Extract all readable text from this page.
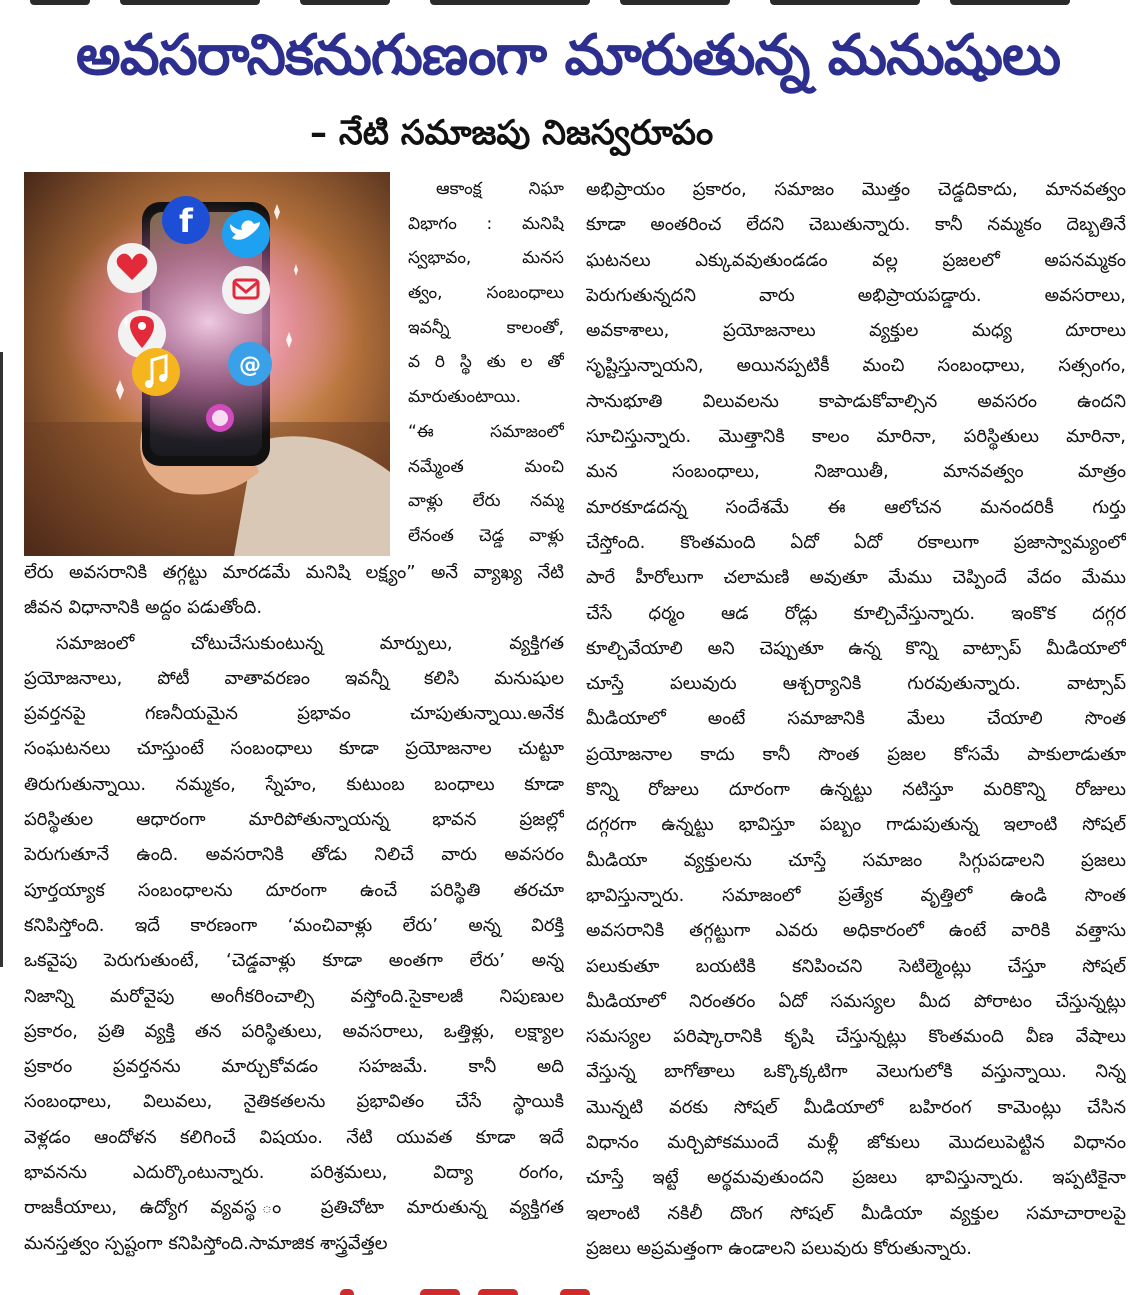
అవసరానికనుగుణంగా మారుతున్న మనుషులు
– నేటి సమాజపు నిజస్వరూపం
f
@
ఆకాంక్ష నిఘా
విభాగం : మనిషి
స్వభావం, మనస
త్వం, సంబంధాలు
ఇవన్నీ కాలంతో,
వ రి స్థి తు ల తో
మారుతుంటాయి.
“ఈ సమాజంలో
నమ్మేంత మంచి
వాళ్లు లేరు నమ్మ
లేనంత చెడ్డ వాళ్లు
లేరు అవసరానికి తగ్గట్టు మారడమే మనిషి లక్ష్యం” అనే వ్యాఖ్య నేటి
జీవన విధానానికి అద్దం పడుతోంది.
సమాజంలో చోటుచేసుకుంటున్న మార్పులు, వ్యక్తిగత
ప్రయోజనాలు, పోటీ వాతావరణం ఇవన్నీ కలిసి మనుషుల
ప్రవర్తనపై గణనీయమైన ప్రభావం చూపుతున్నాయి.అనేక
సంఘటనలు చూస్తుంటే సంబంధాలు కూడా ప్రయోజనాల చుట్టూ
తిరుగుతున్నాయి. నమ్మకం, స్నేహం, కుటుంబ బంధాలు కూడా
పరిస్థితుల ఆధారంగా మారిపోతున్నాయన్న భావన ప్రజల్లో
పెరుగుతూనే ఉంది. అవసరానికి తోడు నిలిచే వారు అవసరం
పూర్తయ్యాక సంబంధాలను దూరంగా ఉంచే పరిస్థితి తరచూ
కనిపిస్తోంది. ఇదే కారణంగా ‘మంచివాళ్లు లేరు’ అన్న విరక్తి
ఒకవైపు పెరుగుతుంటే, ‘చెడ్డవాళ్లు కూడా అంతగా లేరు’ అన్న
నిజాన్ని మరోవైపు అంగీకరించాల్సి వస్తోంది.సైకాలజీ నిపుణుల
ప్రకారం, ప్రతి వ్యక్తి తన పరిస్థితులు, అవసరాలు, ఒత్తిళ్లు, లక్ష్యాల
ప్రకారం ప్రవర్తనను మార్చుకోవడం సహజమే. కానీ అది
సంబంధాలు, విలువలు, నైతికతలను ప్రభావితం చేసే స్థాయికి
వెళ్లడం ఆందోళన కలిగించే విషయం. నేటి యువత కూడా ఇదే
భావనను ఎదుర్కొంటున్నారు. పరిశ్రమలు, విద్యా రంగం,
రాజకీయాలు, ఉద్యోగ వ్యవస్థ ం ప్రతిచోటా మారుతున్న వ్యక్తిగత
మనస్తత్వం స్పష్టంగా కనిపిస్తోంది.సామాజిక శాస్త్రవేత్తల
అభిప్రాయం ప్రకారం, సమాజం మొత్తం చెడ్డదికాదు, మానవత్వం
కూడా అంతరించ లేదని చెబుతున్నారు. కానీ నమ్మకం దెబ్బతినే
ఘటనలు ఎక్కువవుతుండడం వల్ల ప్రజలలో అపనమ్మకం
పెరుగుతున్నదని వారు అభిప్రాయపడ్డారు. అవసరాలు,
అవకాశాలు, ప్రయోజనాలు వ్యక్తుల మధ్య దూరాలు
సృష్టిస్తున్నాయని, అయినప్పటికీ మంచి సంబంధాలు, సత్సంగం,
సానుభూతి విలువలను కాపాడుకోవాల్సిన అవసరం ఉందని
సూచిస్తున్నారు. మొత్తానికి కాలం మారినా, పరిస్థితులు మారినా,
మన సంబంధాలు, నిజాయితీ, మానవత్వం మాత్రం
మారకూడదన్న సందేశమే ఈ ఆలోచన మనందరికీ గుర్తు
చేస్తోంది. కొంతమంది ఏదో ఏదో రకాలుగా ప్రజాస్వామ్యంలో
పారే హీరోలుగా చలామణి అవుతూ మేము చెప్పిందే వేదం మేము
చేసే ధర్మం ఆడ రోడ్లు కూల్చివేస్తున్నారు. ఇంకొక దగ్గర
కూల్చివేయాలి అని చెప్పుతూ ఉన్న కొన్ని వాట్సాప్ మీడియాలో
చూస్తే పలువురు ఆశ్చర్యానికి గురవుతున్నారు. వాట్సాప్
మీడియాలో అంటే సమాజానికి మేలు చేయాలి సొంత
ప్రయోజనాల కాదు కానీ సొంత ప్రజల కోసమే పాకులాడుతూ
కొన్ని రోజులు దూరంగా ఉన్నట్టు నటిస్తూ మరికొన్ని రోజులు
దగ్గరగా ఉన్నట్టు భావిస్తూ పబ్బం గాడుపుతున్న ఇలాంటి సోషల్
మీడియా వ్యక్తులను చూస్తే సమాజం సిగ్గుపడాలని ప్రజలు
భావిస్తున్నారు. సమాజంలో ప్రత్యేక వృత్తిలో ఉండి సొంత
అవసరానికి తగ్గట్టుగా ఎవరు అధికారంలో ఉంటే వారికి వత్తాసు
పలుకుతూ బయటికి కనిపించని సెటిల్మెంట్లు చేస్తూ సోషల్
మీడియాలో నిరంతరం ఏదో సమస్యల మీద పోరాటం చేస్తున్నట్లు
సమస్యల పరిష్కారానికి కృషి చేస్తున్నట్లు కొంతమంది వీణ వేషాలు
వేస్తున్న బాగోతాలు ఒక్కొక్కటిగా వెలుగులోకి వస్తున్నాయి. నిన్న
మొన్నటి వరకు సోషల్ మీడియాలో బహిరంగ కామెంట్లు చేసిన
విధానం మర్చిపోకముందే మళ్లీ జోకులు మొదలుపెట్టిన విధానం
చూస్తే ఇట్టే అర్థమవుతుందని ప్రజలు భావిస్తున్నారు. ఇప్పటికైనా
ఇలాంటి నకిలీ దొంగ సోషల్ మీడియా వ్యక్తుల సమాచారాలపై
ప్రజలు అప్రమత్తంగా ఉండాలని పలువురు కోరుతున్నారు.
